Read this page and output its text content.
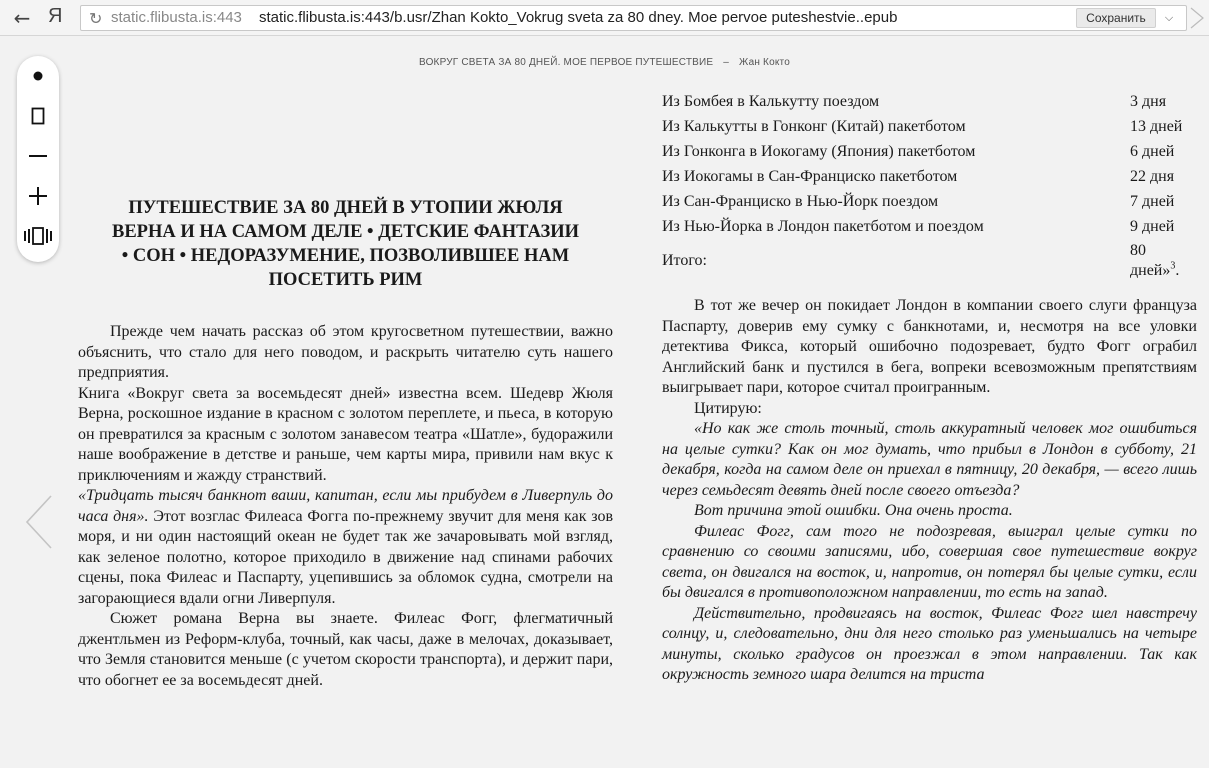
← Я ↻ static.flibusta.is:443 static.flibusta.is:443/b.usr/Zhan Kokto_Vokrug sveta za 80 dney. Moe pervoe puteshestvie..epub	Сохранить	⌵
ВОКРУГ СВЕТА ЗА 80 ДНЕЙ. МОЕ ПЕРВОЕ ПУТЕШЕСТВИЕ – Жан Кокто
ПУТЕШЕСТВИЕ ЗА 80 ДНЕЙ В УТОПИИ ЖЮЛЯ ВЕРНА И НА САМОМ ДЕЛЕ • ДЕТСКИЕ ФАНТАЗИИ • СОН • НЕДОРАЗУМЕНИЕ, ПОЗВОЛИВШЕЕ НАМ ПОСЕТИТЬ РИМ
Прежде чем начать рассказ об этом кругосветном путешествии, важно объяснить, что стало для него поводом, и раскрыть читателю суть нашего предприятия.
Книга «Вокруг света за восемьдесят дней» известна всем. Шедевр Жюля Верна, роскошное издание в красном с золотом переплете, и пьеса, в которую он превратился за красным с золотом занавесом театра «Шатле», будоражили наше воображение в детстве и раньше, чем карты мира, привили нам вкус к приключениям и жажду странствий.
«Тридцать тысяч банкнот ваши, капитан, если мы прибудем в Ливерпуль до часа дня». Этот возглас Филеаса Фогга по-прежнему звучит для меня как зов моря, и ни один настоящий океан не будет так же зачаровывать мой взгляд, как зеленое полотно, которое приходило в движение над спинами рабочих сцены, пока Филеас и Паспарту, уцепившись за обломок судна, смотрели на загорающиеся вдали огни Ливерпуля.
Сюжет романа Верна вы знаете. Филеас Фогг, флегматичный джентльмен из Реформ-клуба, точный, как часы, даже в мелочах, доказывает, что Земля становится меньше (с учетом скорости транспорта), и держит пари, что обогнет ее за восемьдесят дней.
Из Бомбея в Калькутту поездом	3 дня
Из Калькутты в Гонконг (Китай) пакетботом	13 дней
Из Гонконга в Иокогаму (Япония) пакетботом	6 дней
Из Иокогамы в Сан-Франциско пакетботом	22 дня
Из Сан-Франциско в Нью-Йорк поездом	7 дней
Из Нью-Йорка в Лондон пакетботом и поездом	9 дней
Итого:	80
дней»$^3$.
В тот же вечер он покидает Лондон в компании своего слуги француза Паспарту, доверив ему сумку с банкнотами, и, несмотря на все уловки детектива Фикса, который ошибочно подозревает, будто Фогг ограбил Английский банк и пустился в бега, вопреки всевозможным препятствиям выигрывает пари, которое считал проигранным.
Цитирую:
«Но как же столь точный, столь аккуратный человек мог ошибиться на целые сутки? Как он мог думать, что прибыл в Лондон в субботу, 21 декабря, когда на самом деле он приехал в пятницу, 20 декабря, — всего лишь через семьдесят девять дней после своего отъезда?
Вот причина этой ошибки. Она очень проста.
Филеас Фогг, сам того не подозревая, выиграл целые сутки по сравнению со своими записями, ибо, совершая свое путешествие вокруг света, он двигался на восток, и, напротив, он потерял бы целые сутки, если бы двигался в противоположном направлении, то есть на запад.
Действительно, продвигаясь на восток, Филеас Фогг шел навстречу солнцу, и, следовательно, дни для него столько раз уменьшались на четыре минуты, сколько градусов он проезжал в этом направлении. Так как окружность земного шара делится на триста
